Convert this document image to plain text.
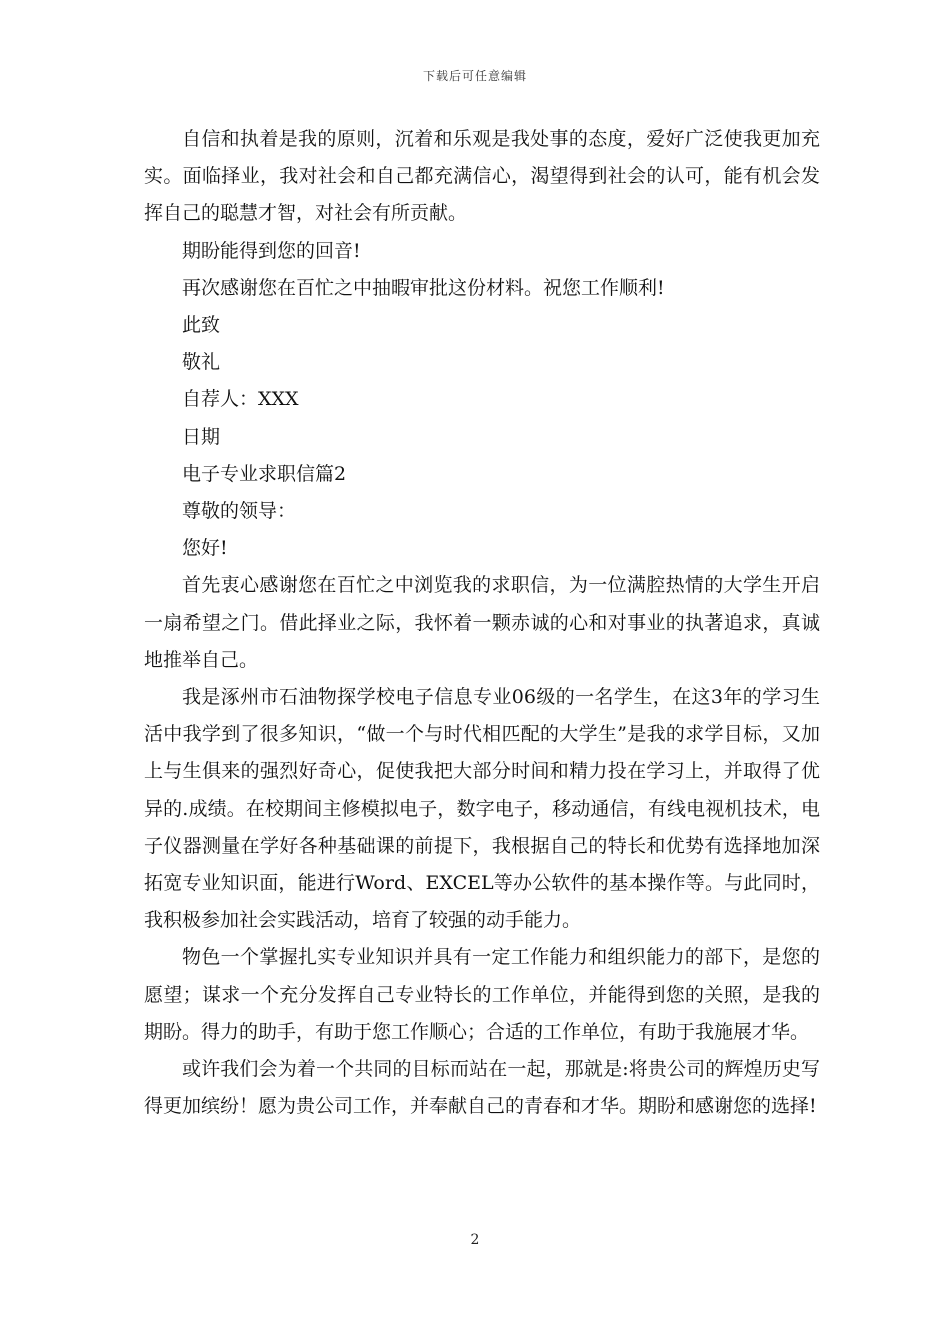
下载后可任意编辑

自信和执着是我的原则，沉着和乐观是我处事的态度，爱好广泛使我更加充实。面临择业，我对社会和自己都充满信心，渴望得到社会的认可，能有机会发挥自己的聪慧才智，对社会有所贡献。

期盼能得到您的回音!

再次感谢您在百忙之中抽暇审批这份材料。祝您工作顺利!

此致

敬礼

自荐人：XXX

日期

电子专业求职信篇2

尊敬的领导：

您好!

首先衷心感谢您在百忙之中浏览我的求职信，为一位满腔热情的大学生开启一扇希望之门。借此择业之际，我怀着一颗赤诚的心和对事业的执著追求，真诚地推举自己。

我是涿州市石油物探学校电子信息专业06级的一名学生，在这3年的学习生活中我学到了很多知识，“做一个与时代相匹配的大学生”是我的求学目标，又加上与生俱来的强烈好奇心，促使我把大部分时间和精力投在学习上，并取得了优异的.成绩。在校期间主修模拟电子，数字电子，移动通信，有线电视机技术，电子仪器测量在学好各种基础课的前提下，我根据自己的特长和优势有选择地加深拓宽专业知识面，能进行Word、EXCEL等办公软件的基本操作等。与此同时，我积极参加社会实践活动，培育了较强的动手能力。

物色一个掌握扎实专业知识并具有一定工作能力和组织能力的部下，是您的愿望；谋求一个充分发挥自己专业特长的工作单位，并能得到您的关照，是我的期盼。得力的助手，有助于您工作顺心；合适的工作单位，有助于我施展才华。

或许我们会为着一个共同的目标而站在一起，那就是:将贵公司的辉煌历史写得更加缤纷！愿为贵公司工作，并奉献自己的青春和才华。期盼和感谢您的选择!

2
